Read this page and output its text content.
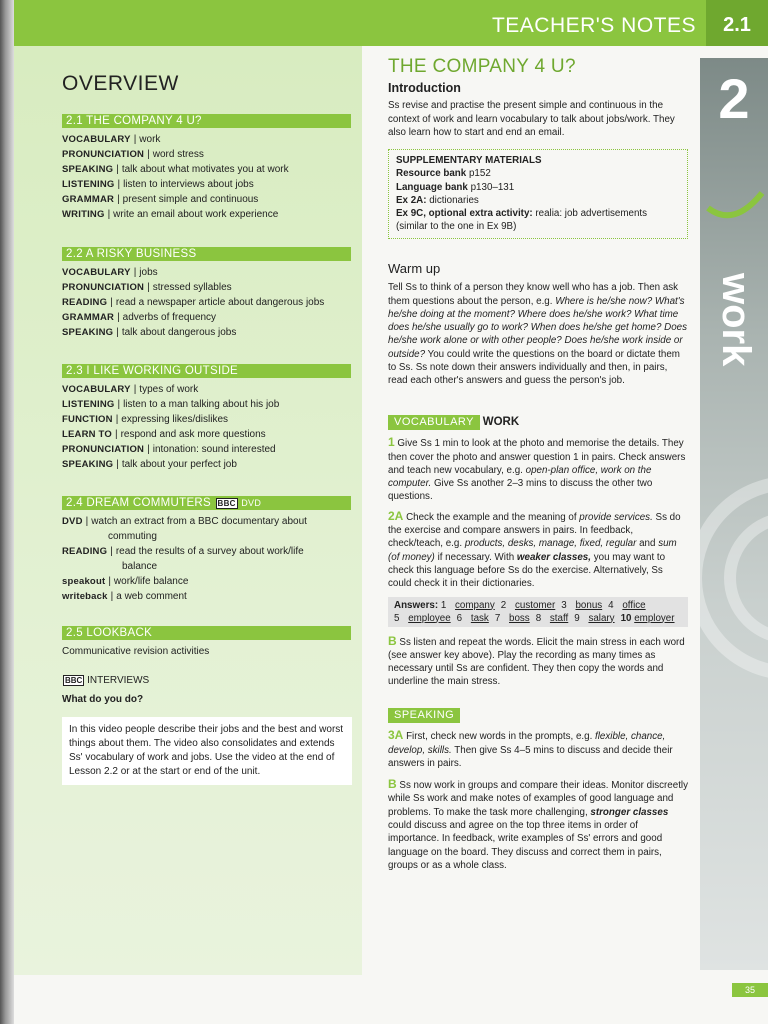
TEACHER'S NOTES	2.1
2
work
OVERVIEW
2.1 THE COMPANY 4 U?
VOCABULARY | work
PRONUNCIATION | word stress
SPEAKING | talk about what motivates you at work
LISTENING | listen to interviews about jobs
GRAMMAR | present simple and continuous
WRITING | write an email about work experience
2.2 A RISKY BUSINESS
VOCABULARY | jobs
PRONUNCIATION | stressed syllables
READING | read a newspaper article about dangerous jobs
GRAMMAR | adverbs of frequency
SPEAKING | talk about dangerous jobs
2.3 I LIKE WORKING OUTSIDE
VOCABULARY | types of work
LISTENING | listen to a man talking about his job
FUNCTION | expressing likes/dislikes
LEARN TO | respond and ask more questions
PRONUNCIATION | intonation: sound interested
SPEAKING | talk about your perfect job
2.4 DREAM COMMUTERS BBC DVD
DVD | watch an extract from a BBC documentary about
commuting
READING | read the results of a survey about work/life
balance
speakout | work/life balance
writeback | a web comment
2.5 LOOKBACK
Communicative revision activities
BBC INTERVIEWS
What do you do?
In this video people describe their jobs and the best and worst things about them. The video also consolidates and extends Ss' vocabulary of work and jobs. Use the video at the end of Lesson 2.2 or at the start or end of the unit.
THE COMPANY 4 U?
Introduction

Ss revise and practise the present simple and continuous in the context of work and learn vocabulary to talk about jobs/work. They also learn how to start and end an email.

SUPPLEMENTARY MATERIALS
Resource bank p152
Language bank p130–131
Ex 2A: dictionaries
Ex 9C, optional extra activity: realia: job advertisements (similar to the one in Ex 9B)
Warm up

Tell Ss to think of a person they know well who has a job. Then ask them questions about the person, e.g. Where is he/she now? What's he/she doing at the moment? Where does he/she work? What time does he/she usually go to work? When does he/she get home? Does he/she work alone or with other people? Does he/she work inside or outside? You could write the questions on the board or dictate them to Ss. Ss note down their answers individually and then, in pairs, read each other's answers and guess the person's job.

VOCABULARY WORK

1 Give Ss 1 min to look at the photo and memorise the details. They then cover the photo and answer question 1 in pairs. Check answers and teach new vocabulary, e.g. open-plan office, work on the computer. Give Ss another 2–3 mins to discuss the other two questions.

2A Check the example and the meaning of provide services. Ss do the exercise and compare answers in pairs. In feedback, check/teach, e.g. products, desks, manage, fixed, regular and sum (of money) if necessary. With weaker classes, you may want to check this language before Ss do the exercise. Alternatively, Ss could check it in their dictionaries.

Answers: 1 company 2 customer 3 bonus 4 office
5 employee 6 task 7 boss 8 staff 9 salary 10 employer

B Ss listen and repeat the words. Elicit the main stress in each word (see answer key above). Play the recording as many times as necessary until Ss are confident. They then copy the words and underline the main stress.

SPEAKING

3A First, check new words in the prompts, e.g. flexible, chance, develop, skills. Then give Ss 4–5 mins to discuss and decide their answers in pairs.

B Ss now work in groups and compare their ideas. Monitor discreetly while Ss work and make notes of examples of good language and problems. To make the task more challenging, stronger classes could discuss and agree on the top three items in order of importance. In feedback, write examples of Ss' errors and good language on the board. They discuss and correct them in pairs, groups or as a whole class.

35
